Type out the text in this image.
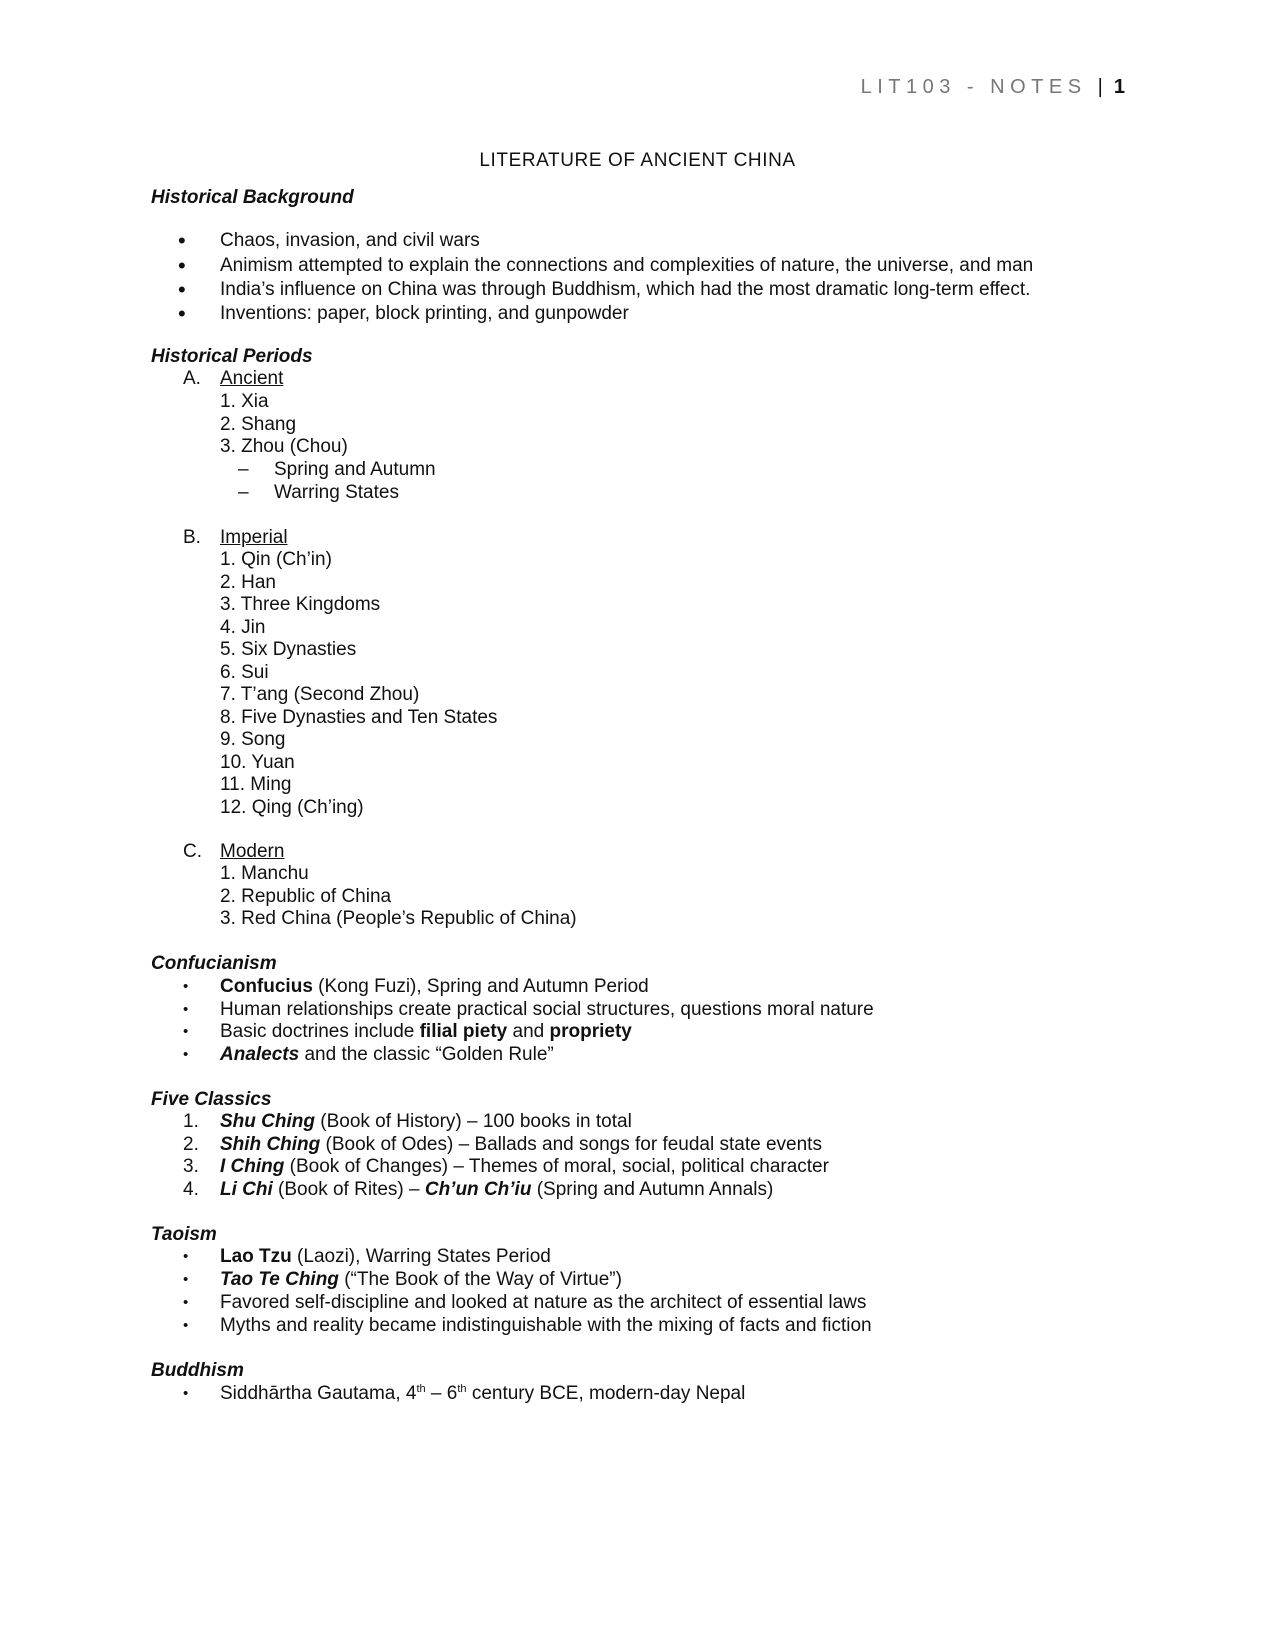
LIT103 - NOTES | 1
LITERATURE OF ANCIENT CHINA
Historical Background
• Chaos, invasion, and civil wars
• Animism attempted to explain the connections and complexities of nature, the universe, and man
• India’s influence on China was through Buddhism, which had the most dramatic long-term effect.
• Inventions: paper, block printing, and gunpowder
Historical Periods
A. Ancient
1. Xia
2. Shang
3. Zhou (Chou)
– Spring and Autumn
– Warring States
B. Imperial
1. Qin (Ch’in)
2. Han
3. Three Kingdoms
4. Jin
5. Six Dynasties
6. Sui
7. T’ang (Second Zhou)
8. Five Dynasties and Ten States
9. Song
10. Yuan
11. Ming
12. Qing (Ch’ing)
C. Modern
1. Manchu
2. Republic of China
3. Red China (People’s Republic of China)
Confucianism
• Confucius (Kong Fuzi), Spring and Autumn Period
• Human relationships create practical social structures, questions moral nature
• Basic doctrines include filial piety and propriety
• Analects and the classic “Golden Rule”
Five Classics
1. Shu Ching (Book of History) – 100 books in total
2. Shih Ching (Book of Odes) – Ballads and songs for feudal state events
3. I Ching (Book of Changes) – Themes of moral, social, political character
4. Li Chi (Book of Rites) – Ch’un Ch’iu (Spring and Autumn Annals)
Taoism
• Lao Tzu (Laozi), Warring States Period
• Tao Te Ching (“The Book of the Way of Virtue”)
• Favored self-discipline and looked at nature as the architect of essential laws
• Myths and reality became indistinguishable with the mixing of facts and fiction
Buddhism
• Siddhārtha Gautama, 4th – 6th century BCE, modern-day Nepal
